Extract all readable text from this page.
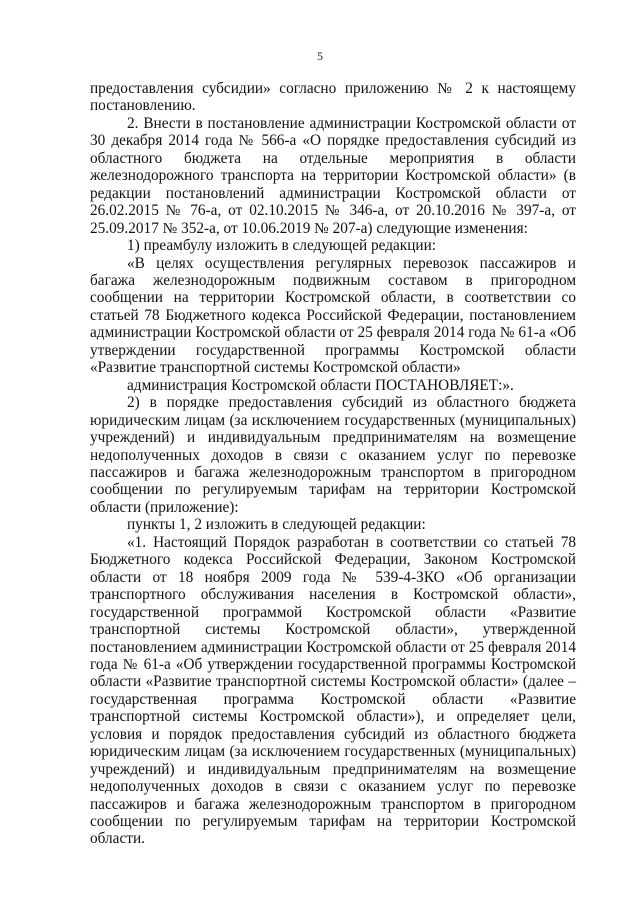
5

предоставления субсидии» согласно приложению № 2 к настоящему постановлению.

2. Внести в постановление администрации Костромской области от 30 декабря 2014 года № 566-а «О порядке предоставления субсидий из областного бюджета на отдельные мероприятия в области железнодорожного транспорта на территории Костромской области» (в редакции постановлений администрации Костромской области от 26.02.2015 № 76-а, от 02.10.2015 № 346-а, от 20.10.2016 № 397-а, от 25.09.2017 № 352-а, от 10.06.2019 № 207-а) следующие изменения:

1) преамбулу изложить в следующей редакции:

«В целях осуществления регулярных перевозок пассажиров и багажа железнодорожным подвижным составом в пригородном сообщении на территории Костромской области, в соответствии со статьей 78 Бюджетного кодекса Российской Федерации, постановлением администрации Костромской области от 25 февраля 2014 года № 61-а «Об утверждении государственной программы Костромской области «Развитие транспортной системы Костромской области»

администрация Костромской области ПОСТАНОВЛЯЕТ:».

2) в порядке предоставления субсидий из областного бюджета юридическим лицам (за исключением государственных (муниципальных) учреждений) и индивидуальным предпринимателям на возмещение недополученных доходов в связи с оказанием услуг по перевозке пассажиров и багажа железнодорожным транспортом в пригородном сообщении по регулируемым тарифам на территории Костромской области (приложение):

пункты 1, 2 изложить в следующей редакции:

«1. Настоящий Порядок разработан в соответствии со статьей 78 Бюджетного кодекса Российской Федерации, Законом Костромской области от 18 ноября 2009 года № 539-4-ЗКО «Об организации транспортного обслуживания населения в Костромской области», государственной программой Костромской области «Развитие транспортной системы Костромской области», утвержденной постановлением администрации Костромской области от 25 февраля 2014 года № 61-а «Об утверждении государственной программы Костромской области «Развитие транспортной системы Костромской области» (далее – государственная программа Костромской области «Развитие транспортной системы Костромской области»), и определяет цели, условия и порядок предоставления субсидий из областного бюджета юридическим лицам (за исключением государственных (муниципальных) учреждений) и индивидуальным предпринимателям на возмещение недополученных доходов в связи с оказанием услуг по перевозке пассажиров и багажа железнодорожным транспортом в пригородном сообщении по регулируемым тарифам на территории Костромской области.
